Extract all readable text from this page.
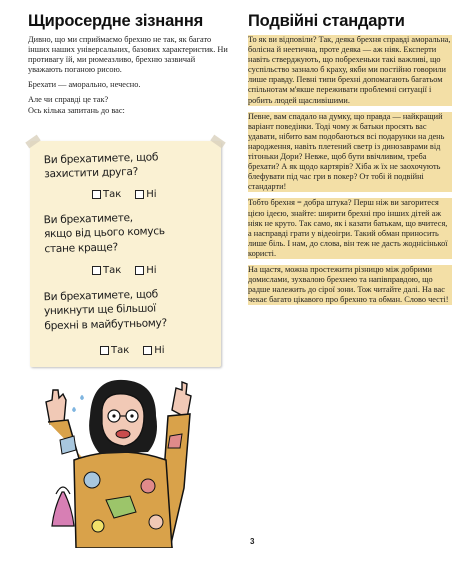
Щиросердне зізнання

Дивно, що ми сприймаємо брехню не так, як багато інших наших універсальних, базових характеристик. Ни противагу їй, ми рюмеазливо, брехню зазвичай уважають поганою рисою.

Брехати — аморально, нечесно.

Але чи справді це так?
Ось кілька запитань до вас:

Ви брехатимете, щоб
захистити друга?
Так	Ні
Ви брехатимете,
якщо від цього комусь
стане краще?
Так	Ні
Ви брехатимете, щоб
уникнути ще більшої
брехні в майбутньому?
Так	Ні
Подвійні стандарти

То як ви відповіли? Так, деяка брехня справді аморальна, болісна й неетична, проте деяка — аж ніяк. Експерти навіть стверджують, що побрехеньки такі важливі, що суспільство зазнало б краху, якби ми постійно говорили лише правду. Певні типи брехні допомагають багатьом спільнотам м'якше переживати проблемні ситуації і робить людей щасливішими.

Певне, вам спадало на думку, що правда — найкращий варіант поведінки. Тоді чому ж батьки просять вас удавати, нібито вам подобаються всі подарунки на день народження, навіть плетений светр із динозаврами від тітоньки Дори? Невже, щоб бути ввічливим, треба брехати? А як щодо картярів? Хіба ж їх не заохочують блефувати під час гри в покер? От тобі й подвійні стандарти!

Тобто брехня = добра штука? Перш ніж ви загоритеся цією ідеєю, знайте: ширити брехні про інших дітей аж ніяк не круто. Так само, як і казати батькам, що вчитеся, а насправді грати у відеоігри. Такий обман приносить лише біль. І нам, до слова, він теж не дасть жоднісінької користі.

На щастя, можна простежити різницю між добрими домислами, зухвалою брехнею та напівправдою, що радше належить до сірої зони. Тож читайте далі. На вас чекає багато цікавого про брехню та обман. Слово честі!

3
